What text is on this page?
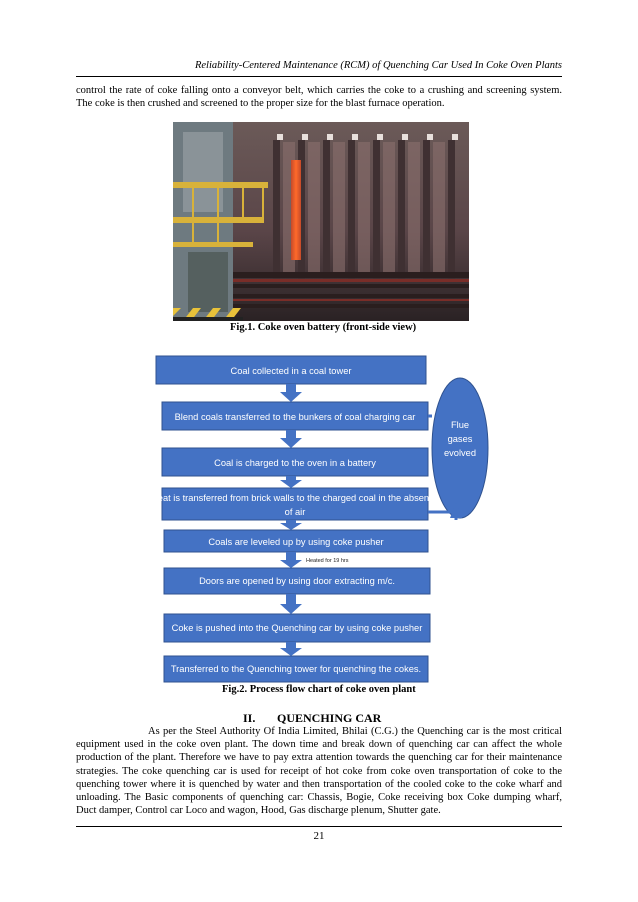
Reliability-Centered Maintenance (RCM) of Quenching Car Used In Coke Oven Plants

control the rate of coke falling onto a conveyor belt, which carries the coke to a crushing and screening system. The coke is then crushed and screened to the proper size for the blast furnace operation.

Fig.1. Coke oven battery (front-side view)

Coal collected in a coal tower
Blend coals transferred to the bunkers of coal charging car
Coal is charged to the oven in a battery
Heat is transferred from brick walls to the charged coal in the absence
of air
Coals are leveled up by using coke pusher
Heated for 19 hrs
Doors are opened by using door extracting m/c.
Coke is pushed into the Quenching car by using coke pusher
Transferred to the Quenching tower for quenching the cokes.
Flue
gases
evolved

Fig.2. Process flow chart of coke oven plant

II. QUENCHING CAR

As per the Steel Authority Of India Limited, Bhilai (C.G.) the Quenching car is the most critical equipment used in the coke oven plant. The down time and break down of quenching car can affect the whole production of the plant. Therefore we have to pay extra attention towards the quenching car for their maintenance strategies. The coke quenching car is used for receipt of hot coke from coke oven transportation of coke to the quenching tower where it is quenched by water and then transportation of the cooled coke to the coke wharf and unloading. The Basic components of quenching car: Chassis, Bogie, Coke receiving box Coke dumping wharf, Duct damper, Control car Loco and wagon, Hood, Gas discharge plenum, Shutter gate.

21
